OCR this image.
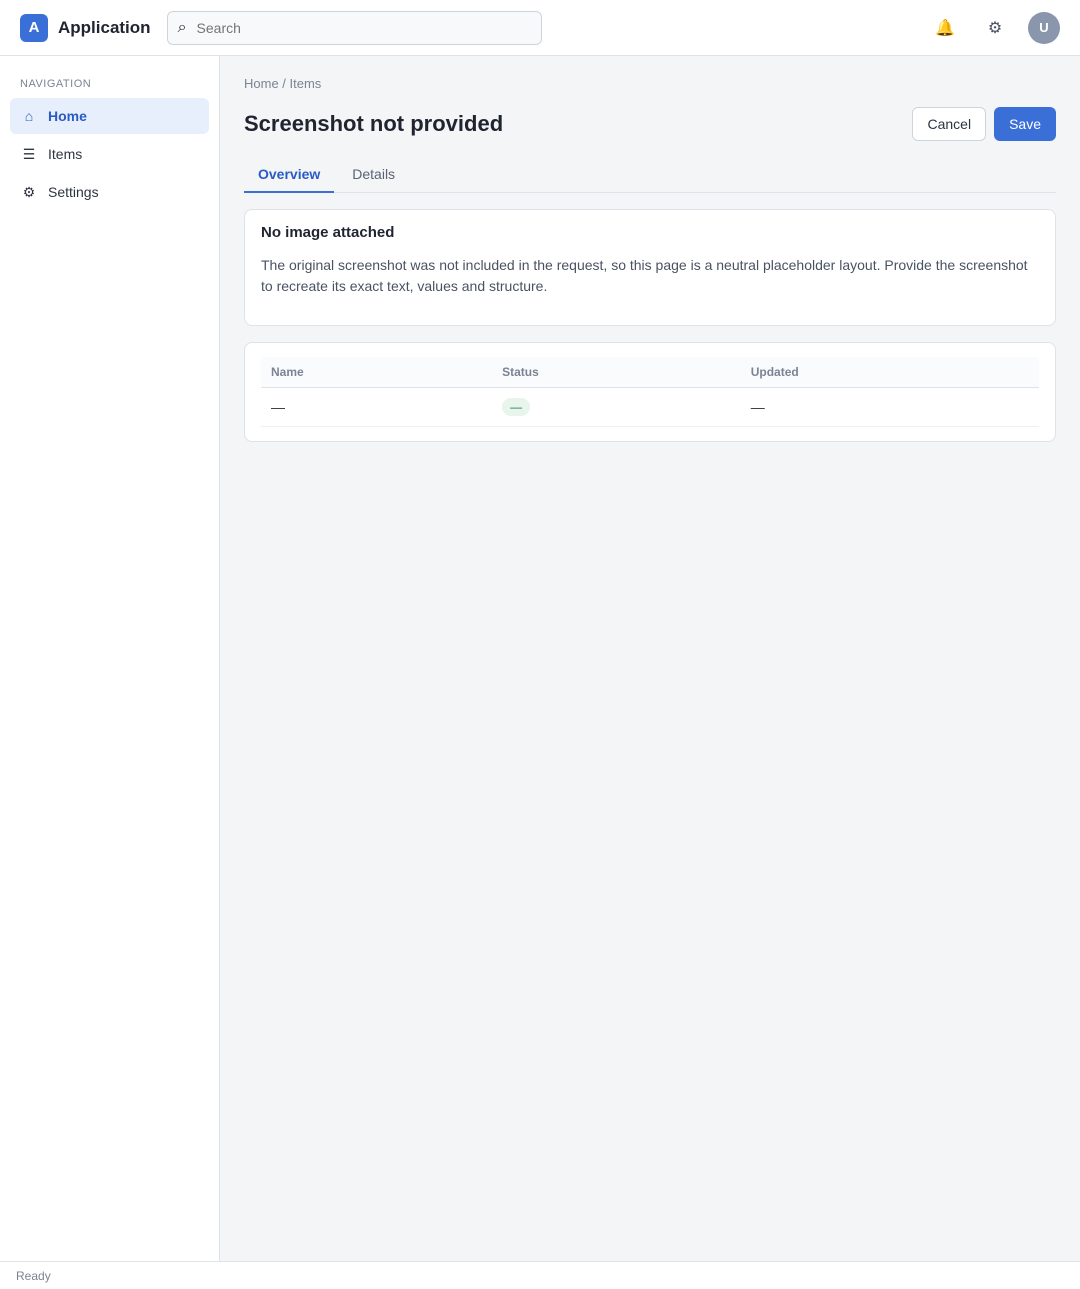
A	Application ⌕
Search	🔔 ⚙	U
NAVIGATION
⌂	Home
☰ Items
⚙ Settings
Home / Items
Screenshot not provided	Cancel	Save
Overview	Details
No image attached

The original screenshot was not included in the request, so this page is a neutral placeholder layout. Provide the screenshot to recreate its exact text, values and structure.

Name	Status	Updated
—	—	—
Ready
